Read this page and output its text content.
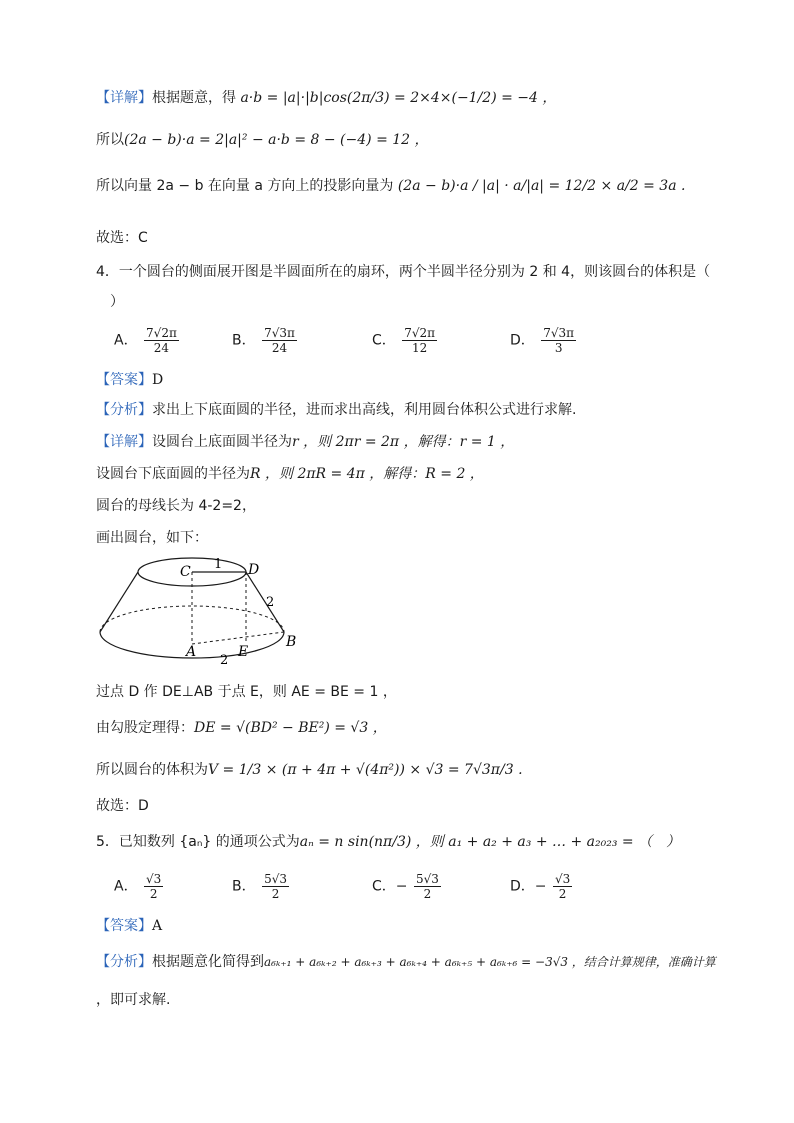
【详解】根据题意，得 a·b = |a|·|b|cos(2π/3) = 2×4×(−1/2) = −4 ，
所以(2a − b)·a = 2|a|² − a·b = 8 − (−4) = 12 ，
所以向量 2a − b 在向量 a 方向上的投影向量为 (2a − b)·a / |a| · a/|a| = 12/2 × a/2 = 3a .
故选：C
4．一个圆台的侧面展开图是半圆面所在的扇环，两个半圆半径分别为 2 和 4，则该圆台的体积是（
）
A． $\frac{7√2\pi}{24}$	B． $\frac{7√3\pi}{24}$	C． $\frac{7√2\pi}{12}$	D． $\frac{7√3\pi}{3}$
【答案】D
【分析】求出上下底面圆的半径，进而求出高线，利用圆台体积公式进行求解.
【详解】设圆台上底面圆半径为r ，则 2πr = 2π ，解得：r = 1 ，
设圆台下底面圆的半径为R ，则 2πR = 4π ，解得：R = 2 ，
圆台的母线长为 4-2=2，
画出圆台，如下：
C	D
1
2
A	E
B
2
过点 D 作 DE⊥AB 于点 E，则 AE = BE = 1 ，
由勾股定理得：DE = √(BD² − BE²) = √3 ，
所以圆台的体积为V = 1/3 × (π + 4π + √(4π²)) × √3 = 7√3π/3 .
故选：D
5．已知数列 {aₙ} 的通项公式为aₙ = n sin(nπ/3) ，则 a₁ + a₂ + a₃ + … + a₂₀₂₃ = （　）
A． $\frac{√3}{2}$	B． $\frac{5√3}{2}$	C．− $\frac{5√3}{2}$	D．− $\frac{√3}{2}$
【答案】A
【分析】根据题意化简得到a₆ₖ₊₁ + a₆ₖ₊₂ + a₆ₖ₊₃ + a₆ₖ₊₄ + a₆ₖ₊₅ + a₆ₖ₊₆ = −3√3 ，结合计算规律，准确计算
，即可求解.
